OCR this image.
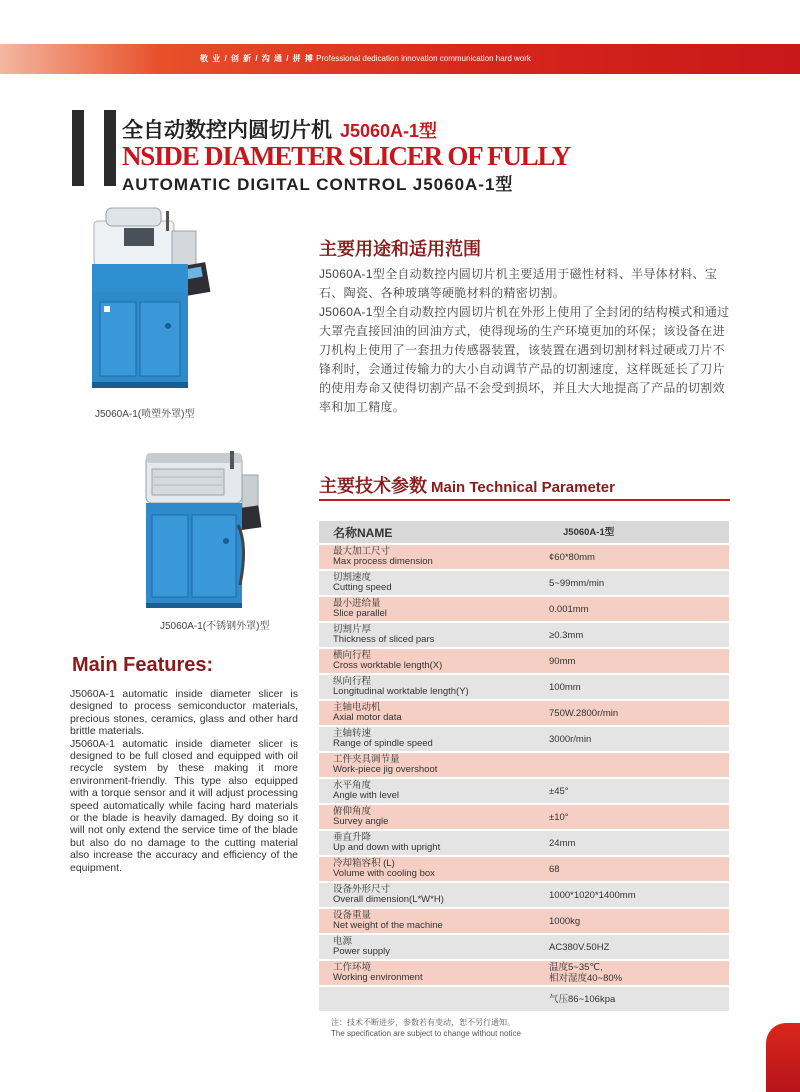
敬 业 / 创 新 / 沟 通 / 拼 搏 Professional dedication innovation communication hard work
全自动数控内圆切片机 J5060A-1型
NSIDE DIAMETER SLICER OF FULLY
AUTOMATIC DIGITAL CONTROL J5060A-1型
J5060A-1(喷塑外罩)型
J5060A-1(不锈钢外罩)型
Main Features:

J5060A-1 automatic inside diameter slicer is designed to process semiconductor materials, precious stones, ceramics, glass and other hard brittle materials.

J5060A-1 automatic inside diameter slicer is designed to be full closed and equipped with oil recycle system by these making it more environment-friendly. This type also equipped with a torque sensor and it will adjust processing speed automatically while facing hard materials or the blade is heavily damaged. By doing so it will not only extend the service time of the blade but also do no damage to the cutting material also increase the accuracy and efficiency of the equipment.

主要用途和适用范围

J5060A-1型全自动数控内圆切片机主要适用于磁性材料、半导体材料、宝石、陶瓷、各种玻璃等硬脆材料的精密切割。

J5060A-1型全自动数控内圆切片机在外形上使用了全封闭的结构模式和通过大罩壳直接回油的回油方式，使得现场的生产环境更加的环保；该设备在进刀机构上使用了一套扭力传感器装置，该装置在遇到切割材料过硬或刀片不锋利时，会通过传输力的大小自动调节产品的切割速度，这样既延长了刀片的使用寿命又使得切割产品不会受到损坏，并且大大地提高了产品的切割效率和加工精度。

主要技术参数 Main Technical Parameter
名称NAME	J5060A-1型

最大加工尺寸
Max process dimension	¢60*80mm

切割速度
Cutting speed	5~99mm/min

最小进给量
Slice parallel	0.001mm

切割片厚
Thickness of sliced pars	≥0.3mm

横向行程
Cross worktable length(X)	90mm

纵向行程
Longitudinal worktable length(Y)	100mm

主轴电动机
Axial motor data	750W.2800r/min

主轴转速
Range of spindle speed	3000r/min

工件夹具调节量
Work-piece jig overshoot	

水平角度
Angle with level	±45°

俯仰角度
Survey angle	±10°

垂直升降
Up and down with upright	24mm

冷却箱容积 (L)
Volume with cooling box	68

设备外形尺寸
Overall dimension(L*W*H)	1000*1020*1400mm

设备重量
Net weight of the machine	1000kg

电源
Power supply	AC380V.50HZ

工作环境
Working environment	温度5~35℃,
相对湿度40~80%

	气压86~106kpa
注：技术不断进步，参数若有变动，恕不另行通知。
The specification are subject to change without notice
